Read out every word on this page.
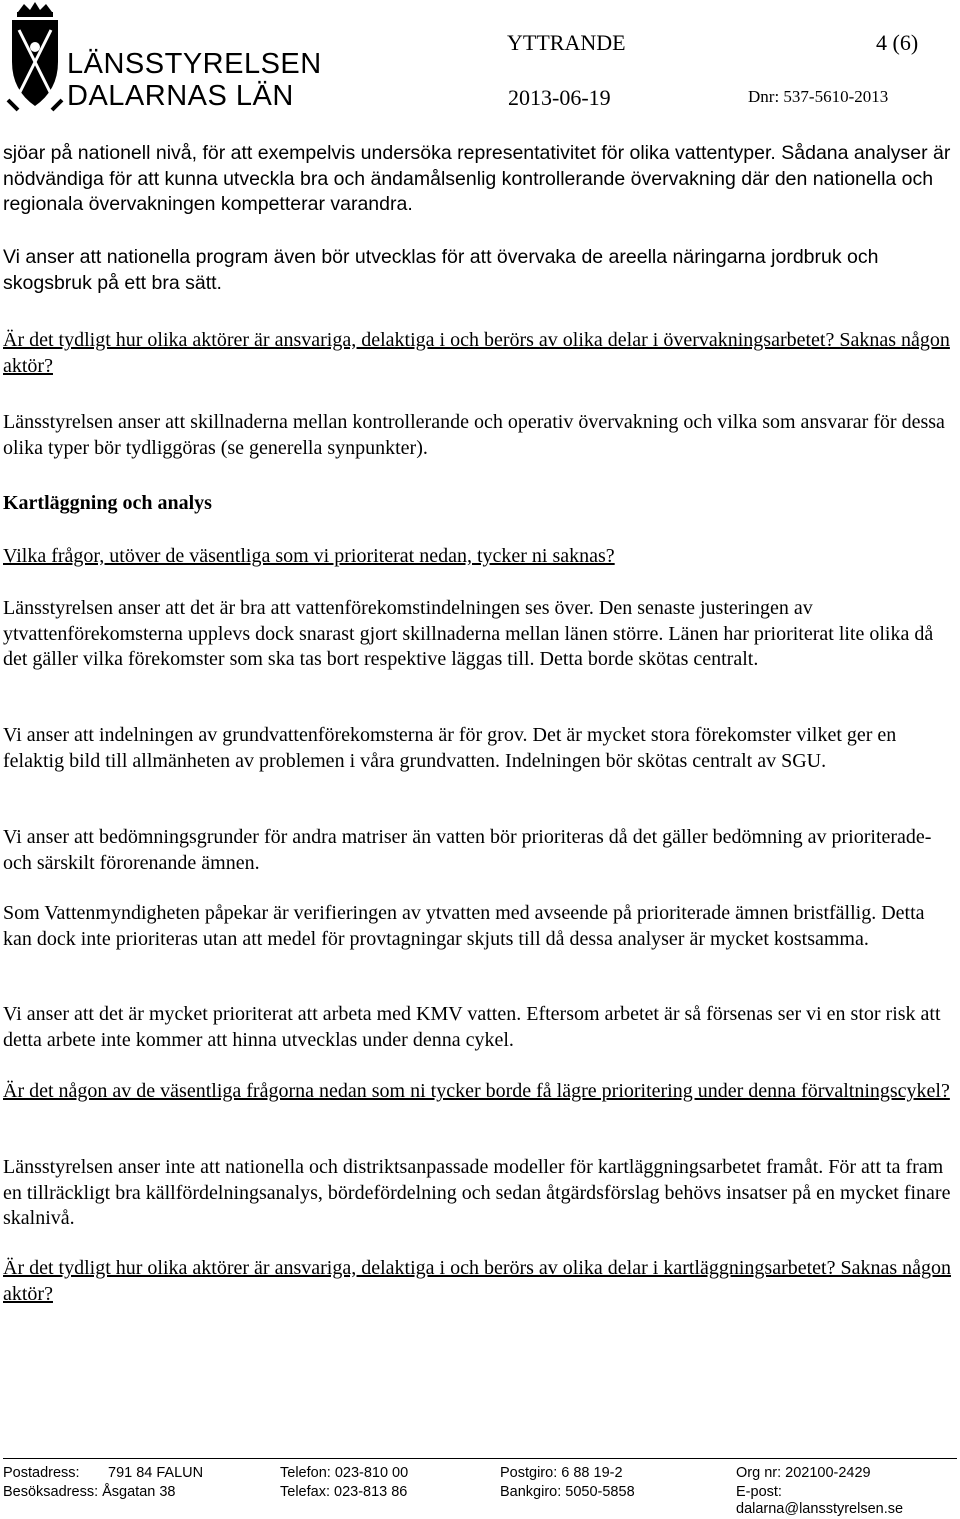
LÄNSSTYRELSEN
DALARNAS LÄN
YTTRANDE	4 (6)
2013-06-19	Dnr: 537-5610-2013

sjöar på nationell nivå, för att exempelvis undersöka representativitet för olika vattentyper. Sådana analyser är nödvändiga för att kunna utveckla bra och ändamålsenlig kontrollerande övervakning där den nationella och regionala övervakningen kompetterar varandra.

Vi anser att nationella program även bör utvecklas för att övervaka de areella näringarna jordbruk och skogsbruk på ett bra sätt.

Är det tydligt hur olika aktörer är ansvariga, delaktiga i och berörs av olika delar i övervakningsarbetet? Saknas någon aktör?

Länsstyrelsen anser att skillnaderna mellan kontrollerande och operativ övervakning och vilka som ansvarar för dessa olika typer bör tydliggöras (se generella synpunkter).

Kartläggning och analys

Vilka frågor, utöver de väsentliga som vi prioriterat nedan, tycker ni saknas?

Länsstyrelsen anser att det är bra att vattenförekomstindelningen ses över. Den senaste justeringen av ytvattenförekomsterna upplevs dock snarast gjort skillnaderna mellan länen större. Länen har prioriterat lite olika då det gäller vilka förekomster som ska tas bort respektive läggas till. Detta borde skötas centralt.

Vi anser att indelningen av grundvattenförekomsterna är för grov. Det är mycket stora förekomster vilket ger en felaktig bild till allmänheten av problemen i våra grundvatten. Indelningen bör skötas centralt av SGU.

Vi anser att bedömningsgrunder för andra matriser än vatten bör prioriteras då det gäller bedömning av prioriterade- och särskilt förorenande ämnen.

Som Vattenmyndigheten påpekar är verifieringen av ytvatten med avseende på prioriterade ämnen bristfällig. Detta kan dock inte prioriteras utan att medel för provtagningar skjuts till då dessa analyser är mycket kostsamma.

Vi anser att det är mycket prioriterat att arbeta med KMV vatten. Eftersom arbetet är så försenas ser vi en stor risk att detta arbete inte kommer att hinna utvecklas under denna cykel.

Är det någon av de väsentliga frågorna nedan som ni tycker borde få lägre prioritering under denna förvaltningscykel?

Länsstyrelsen anser inte att nationella och distriktsanpassade modeller för kartläggningsarbetet framåt. För att ta fram en tillräckligt bra källfördelningsanalys, bördefördelning och sedan åtgärdsförslag behövs insatser på en mycket finare skalnivå.

Är det tydligt hur olika aktörer är ansvariga, delaktiga i och berörs av olika delar i kartläggningsarbetet? Saknas någon aktör?

Postadress: 791 84 FALUN
Besöksadress: Åsgatan 38
Telefon: 023-810 00
Telefax: 023-813 86
Postgiro: 6 88 19-2
Bankgiro: 5050-5858
Org nr: 202100-2429
E-post:
dalarna@lansstyrelsen.se
